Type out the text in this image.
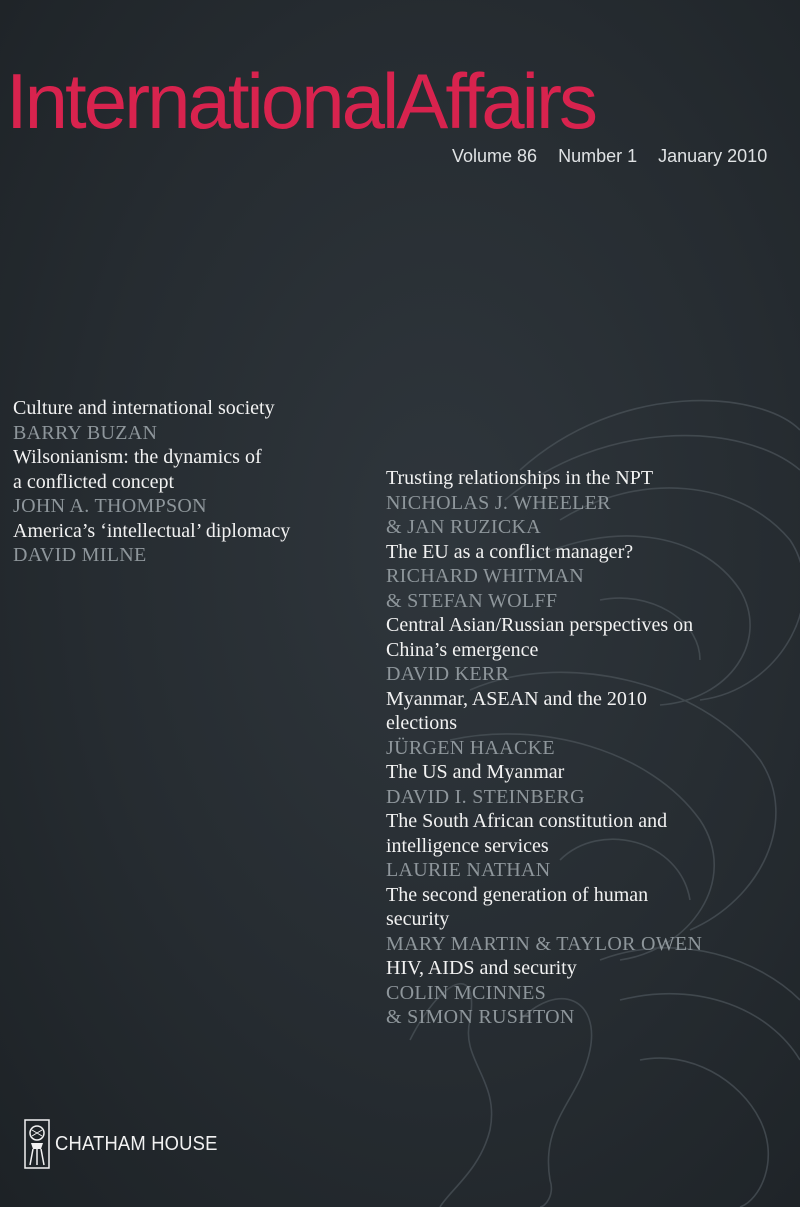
InternationalAffairs
Volume 86 Number 1 January 2010
Culture and international society
BARRY BUZAN
Wilsonianism: the dynamics of
a conflicted concept
JOHN A. THOMPSON
America’s ‘intellectual’ diplomacy
DAVID MILNE
Trusting relationships in the NPT
NICHOLAS J. WHEELER
& JAN RUZICKA
The EU as a conflict manager?
RICHARD WHITMAN
& STEFAN WOLFF
Central Asian/Russian perspectives on
China’s emergence
DAVID KERR
Myanmar, ASEAN and the 2010
elections
JÜRGEN HAACKE
The US and Myanmar
DAVID I. STEINBERG
The South African constitution and
intelligence services
LAURIE NATHAN
The second generation of human
security
MARY MARTIN & TAYLOR OWEN
HIV, AIDS and security
COLIN MCINNES
& SIMON RUSHTON
CHATHAM HOUSE
